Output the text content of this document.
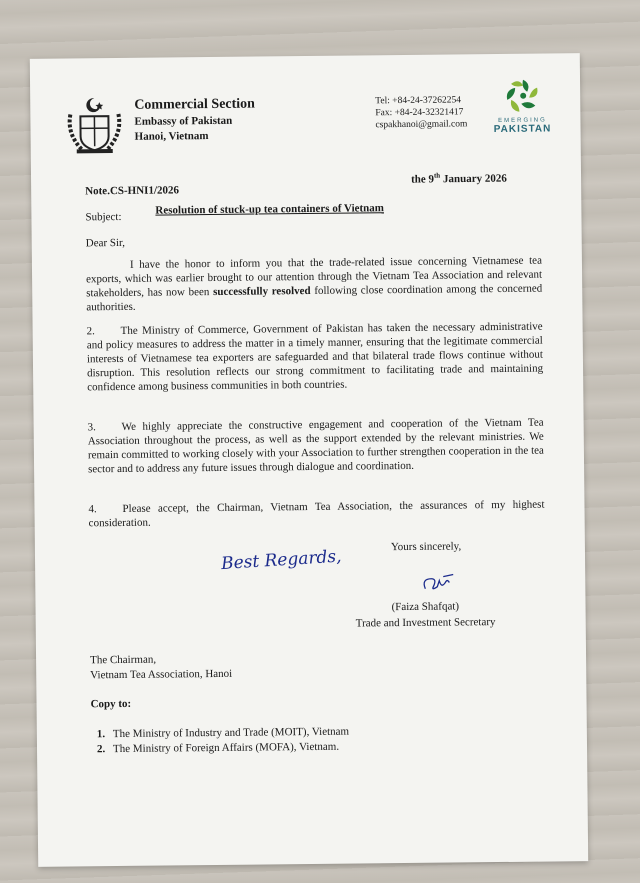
Commercial Section
Embassy of Pakistan
Hanoi, Vietnam
Tel: +84-24-37262254
Fax: +84-24-32321417
cspakhanoi@gmail.com	EMERGING
PAKISTAN
the 9th January 2026
Note.CS-HNI1/2026
Subject:
Resolution of stuck-up tea containers of Vietnam
Dear Sir,
I have the honor to inform you that the trade-related issue concerning Vietnamese tea exports, which was earlier brought to our attention through the Vietnam Tea Association and relevant stakeholders, has now been successfully resolved following close coordination among the concerned authorities.
2. The Ministry of Commerce, Government of Pakistan has taken the necessary administrative and policy measures to address the matter in a timely manner, ensuring that the legitimate commercial interests of Vietnamese tea exporters are safeguarded and that bilateral trade flows continue without disruption. This resolution reflects our strong commitment to facilitating trade and maintaining confidence among business communities in both countries.
3. We highly appreciate the constructive engagement and cooperation of the Vietnam Tea Association throughout the process, as well as the support extended by the relevant ministries. We remain committed to working closely with your Association to further strengthen cooperation in the tea sector and to address any future issues through dialogue and coordination.
4. Please accept, the Chairman, Vietnam Tea Association, the assurances of my highest consideration.
Yours sincerely,
Best Regards,
(Faiza Shafqat)
Trade and Investment Secretary
The Chairman,
Vietnam Tea Association, Hanoi
Copy to:
1. The Ministry of Industry and Trade (MOIT), Vietnam
2. The Ministry of Foreign Affairs (MOFA), Vietnam.
